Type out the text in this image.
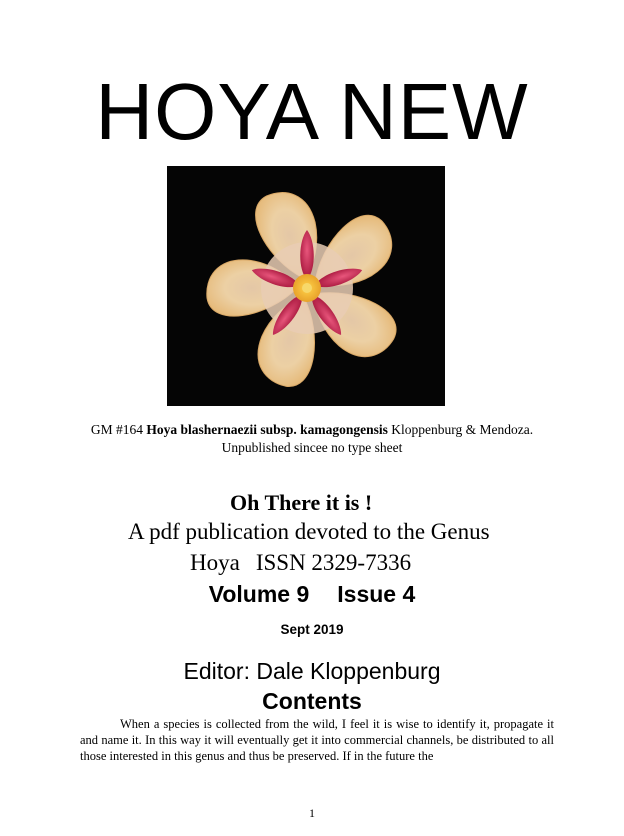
HOYA NEW
GM #164 Hoya blashernaezii subsp. kamagongensis Kloppenburg & Mendoza. Unpublished sincee no type sheet
Oh There it is !
A pdf publication devoted to the Genus
Hoya ISSN 2329-7336
Volume 9 Issue 4
Sept 2019
Editor: Dale Kloppenburg
Contents

When a species is collected from the wild, I feel it is wise to identify it, propagate it and name it. In this way it will eventually get it into commercial channels, be distributed to all those interested in this genus and thus be preserved. If in the future the

1
